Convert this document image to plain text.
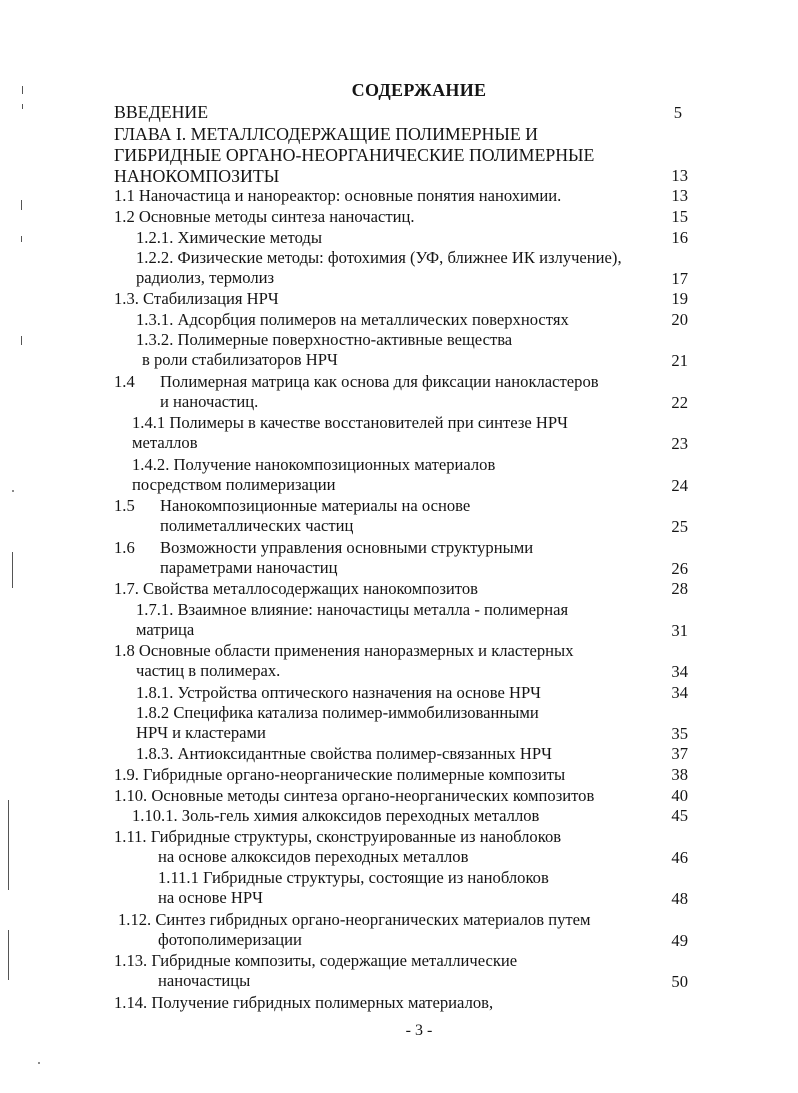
СОДЕРЖАНИЕ
ВВЕДЕНИЕ	5
ГЛАВА I. МЕТАЛЛСОДЕРЖАЩИЕ ПОЛИМЕРНЫЕ И
ГИБРИДНЫЕ ОРГАНО-НЕОРГАНИЧЕСКИЕ ПОЛИМЕРНЫЕ
НАНОКОМПОЗИТЫ	13
1.1 Наночастица и нанореактор: основные понятия нанохимии.	13
1.2 Основные методы синтеза наночастиц.	15
1.2.1. Химические методы	16
1.2.2. Физические методы: фотохимия (УФ, ближнее ИК излучение),
радиолиз, термолиз	17
1.3. Стабилизация НРЧ	19
1.3.1. Адсорбция полимеров на металлических поверхностях	20
1.3.2. Полимерные поверхностно-активные вещества
в роли стабилизаторов НРЧ	21
1.4 Полимерная матрица как основа для фиксации нанокластеров
и наночастиц.	22
1.4.1 Полимеры в качестве восстановителей при синтезе НРЧ
металлов	23
1.4.2. Получение нанокомпозиционных материалов
посредством полимеризации	24
1.5 Нанокомпозиционные материалы на основе
полиметаллических частиц	25
1.6 Возможности управления основными структурными
параметрами наночастиц	26
1.7. Свойства металлосодержащих нанокомпозитов	28
1.7.1. Взаимное влияние: наночастицы металла - полимерная
матрица	31
1.8 Основные области применения наноразмерных и кластерных
частиц в полимерах.	34
1.8.1. Устройства оптического назначения на основе НРЧ	34
1.8.2 Специфика катализа полимер-иммобилизованными
НРЧ и кластерами	35
1.8.3. Антиоксидантные свойства полимер-связанных НРЧ	37
1.9. Гибридные органо-неорганические полимерные композиты	38
1.10. Основные методы синтеза органо-неорганических композитов	40
1.10.1. Золь-гель химия алкоксидов переходных металлов	45
1.11. Гибридные структуры, сконструированные из наноблоков
на основе алкоксидов переходных металлов	46
1.11.1 Гибридные структуры, состоящие из наноблоков
на основе НРЧ	48
1.12. Синтез гибридных органо-неорганических материалов путем
фотополимеризации	49
1.13. Гибридные композиты, содержащие металлические
наночастицы	50
1.14. Получение гибридных полимерных материалов,
- 3 -
